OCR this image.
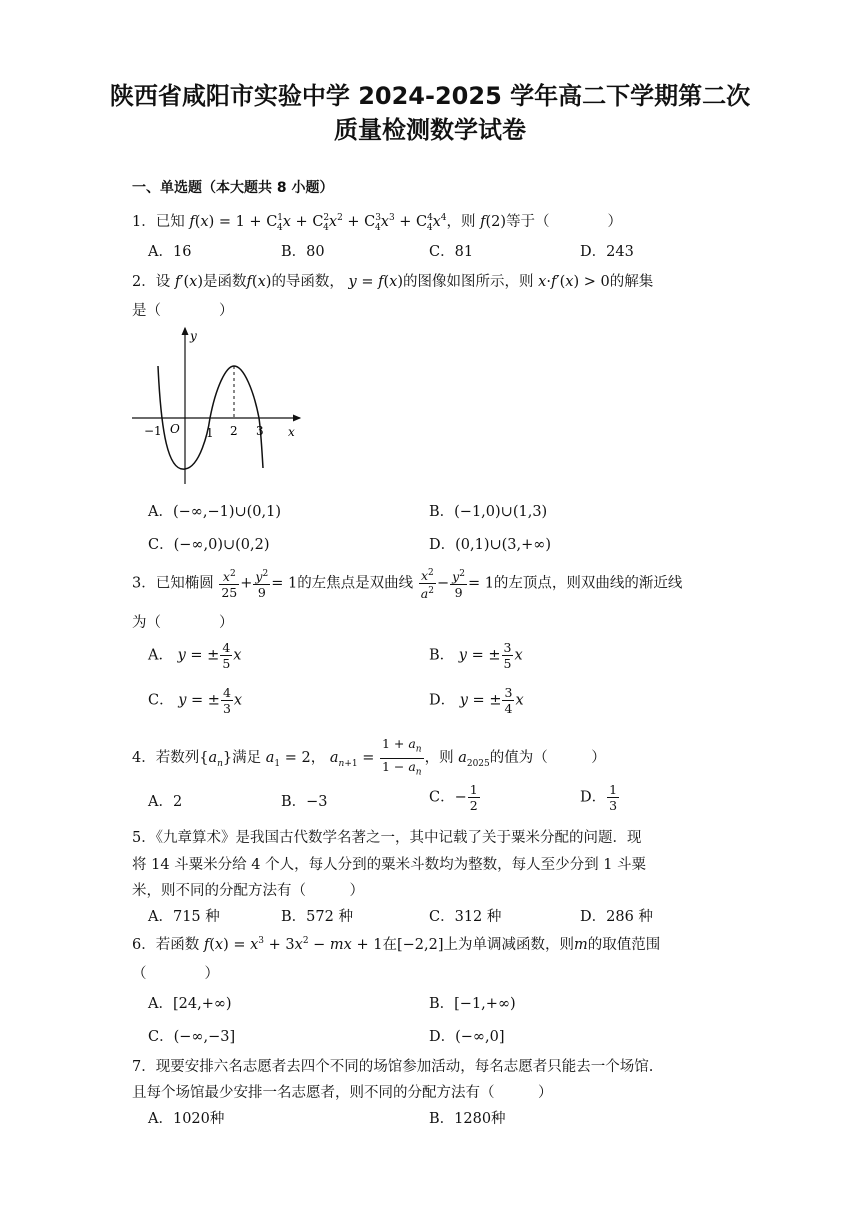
陕西省咸阳市实验中学 2024-2025 学年高二下学期第二次
质量检测数学试卷
一、单选题（本大题共 8 小题）
1．已知 $f(x) = 1 + C^1_4x + C^2_4x^2 + C^3_4x^3 + C^4_4x^4$，则 f(2)等于（　　　　）
A．16	B．80	C．81	D．243
2．设 f′(x)是函数f(x)的导函数， y = f(x)的图像如图所示，则 x·f′(x) > 0的解集
是（　　　　）
y
x
O
−1	1 2 3
A．(−∞,−1)∪(0,1)	B．(−1,0)∪(1,3)
C．(−∞,0)∪(0,2)	D．(0,1)∪(3,+∞)
3．已知椭圆 $\frac{x^2}{25} + \frac{y^2}{9} = 1$的左焦点是双曲线 $\frac{x^2}{a^2} - \frac{y^2}{9} = 1$的左顶点，则双曲线的渐近线
为（　　　　）
A． y = ± $\frac{4}{5}$ x	B． y = ± $\frac{3}{5}$ x
C． y = ± $\frac{4}{3}$ x	D． y = ± $\frac{3}{4}$ x
4．若数列$\{a_n\}$满足 $a_1 = 2$， $a_{n+1} = \frac{1 + a_n}{1 - a_n}$ ，则 $a_{2025}$的值为（　　　）
A．2	B．−3	C．− $\frac{1}{2}$	D． $\frac{1}{3}$
5．《九章算术》是我国古代数学名著之一，其中记载了关于粟米分配的问题．现
将 14 斗粟米分给 4 个人，每人分到的粟米斗数均为整数，每人至少分到 1 斗粟
米，则不同的分配方法有（　　　）
A．715 种	B．572 种	C．312 种	D．286 种
6．若函数 $f(x) = x^3 + 3x^2$ − mx + 1在[−2,2]上为单调减函数，则m的取值范围
（　　　　）
A．[24,+∞)	B．[−1,+∞)
C．(−∞,−3]	D．(−∞,0]
7．现要安排六名志愿者去四个不同的场馆参加活动，每名志愿者只能去一个场馆.
且每个场馆最少安排一名志愿者，则不同的分配方法有（　　　）
A．1020种	B．1280种
